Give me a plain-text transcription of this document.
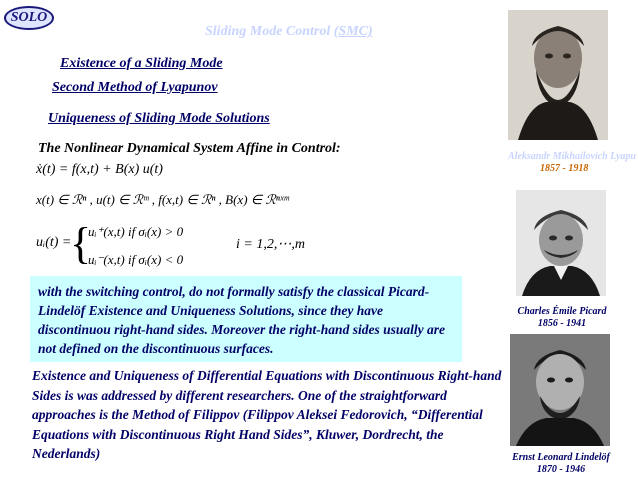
SOLO
Sliding Mode Control (SMC)
Existence of a Sliding Mode
Second Method of Lyapunov
Uniqueness of Sliding Mode Solutions
The Nonlinear Dynamical System Affine in Control:
ẋ(t) = f(x,t) + B(x) u(t)
x(t) ∈ ℛⁿ , u(t) ∈ ℛᵐ , f(x,t) ∈ ℛⁿ , B(x) ∈ ℛⁿˣᵐ
uᵢ(t) =
{
uᵢ⁺(x,t) if σᵢ(x) > 0
uᵢ⁻(x,t) if σᵢ(x) < 0
i = 1,2,⋯,m

with the switching control, do not formally satisfy the classical Picard-Lindelöf Existence and Uniqueness Solutions, since they have discontinuou right-hand sides. Moreover the right-hand sides usually are not defined on the discontinuous surfaces.

Existence and Uniqueness of Differential Equations with Discontinuous Right-hand Sides is was addressed by different researchers. One of the straightforward approaches is the Method of Filippov (Filippov Aleksei Fedorovich, “Differential Equations with Discontinuous Right Hand Sides”, Kluwer, Dordrecht, the Nederlands)

Aleksandr Mikhailovich Lyapu
1857 - 1918
Charles Émile Picard
1856 - 1941
Ernst Leonard Lindelöf
1870 - 1946
